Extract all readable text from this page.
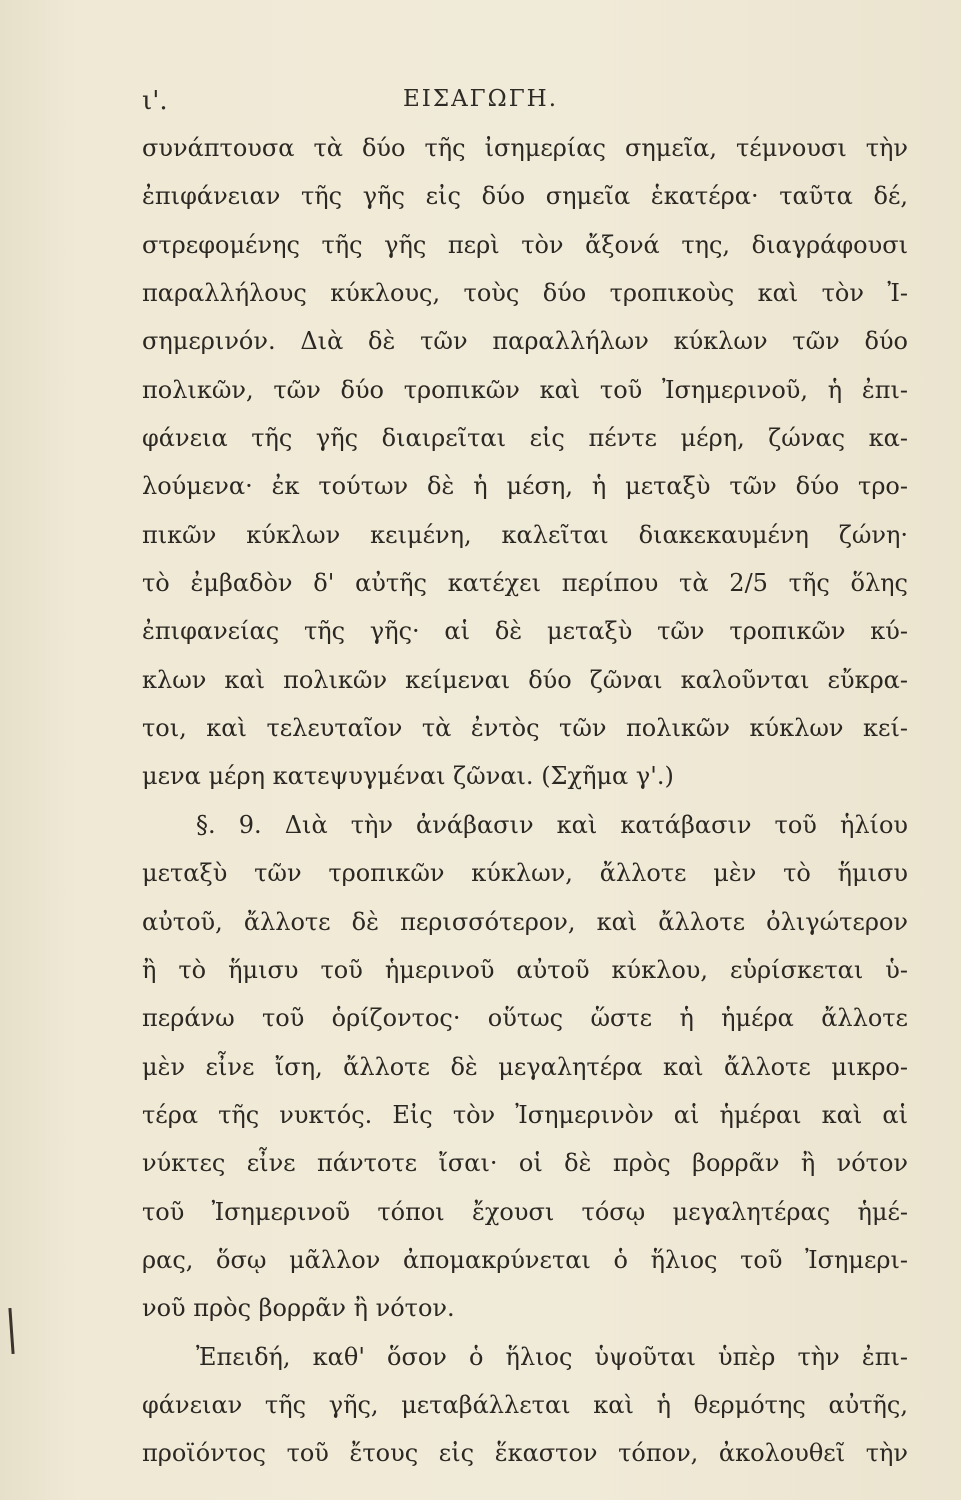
ι'.	ΕΙΣΑΓΩΓΗ.
συνάπτουσα τὰ δύο τῆς ἰσημερίας σημεῖα, τέμνουσι τὴν
ἐπιφάνειαν τῆς γῆς εἰς δύο σημεῖα ἑκατέρα· ταῦτα δέ,
στρεφομένης τῆς γῆς περὶ τὸν ἄξονά της, διαγράφουσι
παραλλήλους κύκλους, τοὺς δύο τροπικοὺς καὶ τὸν Ἰ-
σημερινόν. Διὰ δὲ τῶν παραλλήλων κύκλων τῶν δύο
πολικῶν, τῶν δύο τροπικῶν καὶ τοῦ Ἰσημερινοῦ, ἡ ἐπι-
φάνεια τῆς γῆς διαιρεῖται εἰς πέντε μέρη, ζώνας κα-
λούμενα· ἐκ τούτων δὲ ἡ μέση, ἡ μεταξὺ τῶν δύο τρο-
πικῶν κύκλων κειμένη, καλεῖται διακεκαυμένη ζώνη·
τὸ ἐμβαδὸν δ' αὐτῆς κατέχει περίπου τὰ 2/5 τῆς ὅλης
ἐπιφανείας τῆς γῆς· αἱ δὲ μεταξὺ τῶν τροπικῶν κύ-
κλων καὶ πολικῶν κείμεναι δύο ζῶναι καλοῦνται εὔκρα-
τοι, καὶ τελευταῖον τὰ ἐντὸς τῶν πολικῶν κύκλων κεί-
μενα μέρη κατεψυγμέναι ζῶναι. (Σχῆμα γ'.)
§. 9. Διὰ τὴν ἀνάβασιν καὶ κατάβασιν τοῦ ἡλίου
μεταξὺ τῶν τροπικῶν κύκλων, ἄλλοτε μὲν τὸ ἥμισυ
αὐτοῦ, ἄλλοτε δὲ περισσότερον, καὶ ἄλλοτε ὀλιγώτερον
ἢ τὸ ἥμισυ τοῦ ἡμερινοῦ αὐτοῦ κύκλου, εὑρίσκεται ὑ-
περάνω τοῦ ὁρίζοντος· οὕτως ὥστε ἡ ἡμέρα ἄλλοτε
μὲν εἶνε ἴση, ἄλλοτε δὲ μεγαλητέρα καὶ ἄλλοτε μικρο-
τέρα τῆς νυκτός. Εἰς τὸν Ἰσημερινὸν αἱ ἡμέραι καὶ αἱ
νύκτες εἶνε πάντοτε ἴσαι· οἱ δὲ πρὸς βορρᾶν ἢ νότον
τοῦ Ἰσημερινοῦ τόποι ἔχουσι τόσῳ μεγαλητέρας ἡμέ-
ρας, ὅσῳ μᾶλλον ἀπομακρύνεται ὁ ἥλιος τοῦ Ἰσημερι-
νοῦ πρὸς βορρᾶν ἢ νότον.
Ἐπειδή, καθ' ὅσον ὁ ἥλιος ὑψοῦται ὑπὲρ τὴν ἐπι-
φάνειαν τῆς γῆς, μεταβάλλεται καὶ ἡ θερμότης αὐτῆς,
προϊόντος τοῦ ἔτους εἰς ἕκαστον τόπον, ἀκολουθεῖ τὴν
